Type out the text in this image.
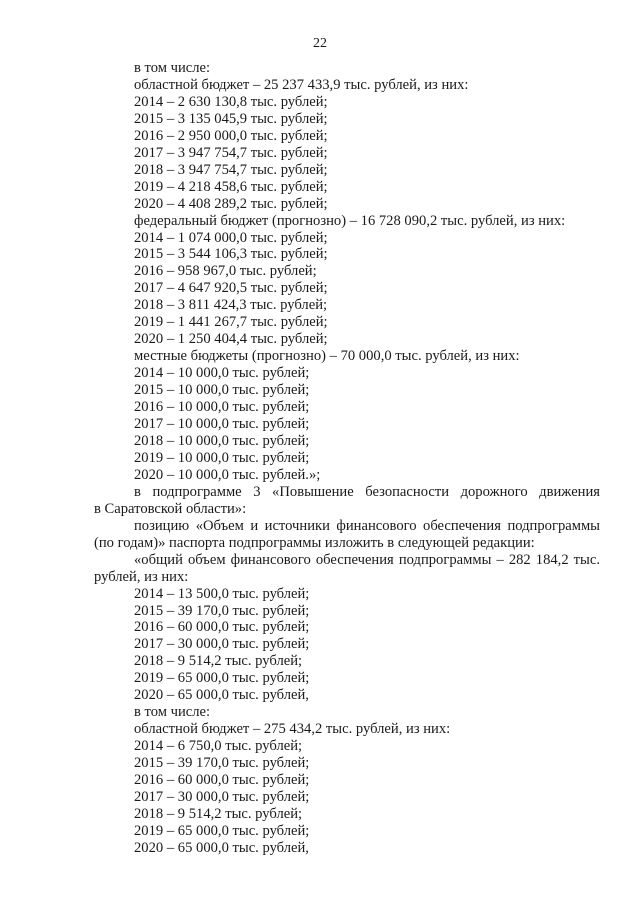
22
в том числе:
областной бюджет – 25 237 433,9 тыс. рублей, из них:
2014 – 2 630 130,8 тыс. рублей;
2015 – 3 135 045,9 тыс. рублей;
2016 – 2 950 000,0 тыс. рублей;
2017 – 3 947 754,7 тыс. рублей;
2018 – 3 947 754,7 тыс. рублей;
2019 – 4 218 458,6 тыс. рублей;
2020 – 4 408 289,2 тыс. рублей;
федеральный бюджет (прогнозно) – 16 728 090,2 тыс. рублей, из них:
2014 – 1 074 000,0 тыс. рублей;
2015 – 3 544 106,3 тыс. рублей;
2016 – 958 967,0 тыс. рублей;
2017 – 4 647 920,5 тыс. рублей;
2018 – 3 811 424,3 тыс. рублей;
2019 – 1 441 267,7 тыс. рублей;
2020 – 1 250 404,4 тыс. рублей;
местные бюджеты (прогнозно) – 70 000,0 тыс. рублей, из них:
2014 – 10 000,0 тыс. рублей;
2015 – 10 000,0 тыс. рублей;
2016 – 10 000,0 тыс. рублей;
2017 – 10 000,0 тыс. рублей;
2018 – 10 000,0 тыс. рублей;
2019 – 10 000,0 тыс. рублей;
2020 – 10 000,0 тыс. рублей.»;
в подпрограмме 3 «Повышение безопасности дорожного движения
в Саратовской области»:
позицию «Объем и источники финансового обеспечения подпрограммы
(по годам)» паспорта подпрограммы изложить в следующей редакции:
«общий объем финансового обеспечения подпрограммы – 282 184,2 тыс.
рублей, из них:
2014 – 13 500,0 тыс. рублей;
2015 – 39 170,0 тыс. рублей;
2016 – 60 000,0 тыс. рублей;
2017 – 30 000,0 тыс. рублей;
2018 – 9 514,2 тыс. рублей;
2019 – 65 000,0 тыс. рублей;
2020 – 65 000,0 тыс. рублей,
в том числе:
областной бюджет – 275 434,2 тыс. рублей, из них:
2014 – 6 750,0 тыс. рублей;
2015 – 39 170,0 тыс. рублей;
2016 – 60 000,0 тыс. рублей;
2017 – 30 000,0 тыс. рублей;
2018 – 9 514,2 тыс. рублей;
2019 – 65 000,0 тыс. рублей;
2020 – 65 000,0 тыс. рублей,
